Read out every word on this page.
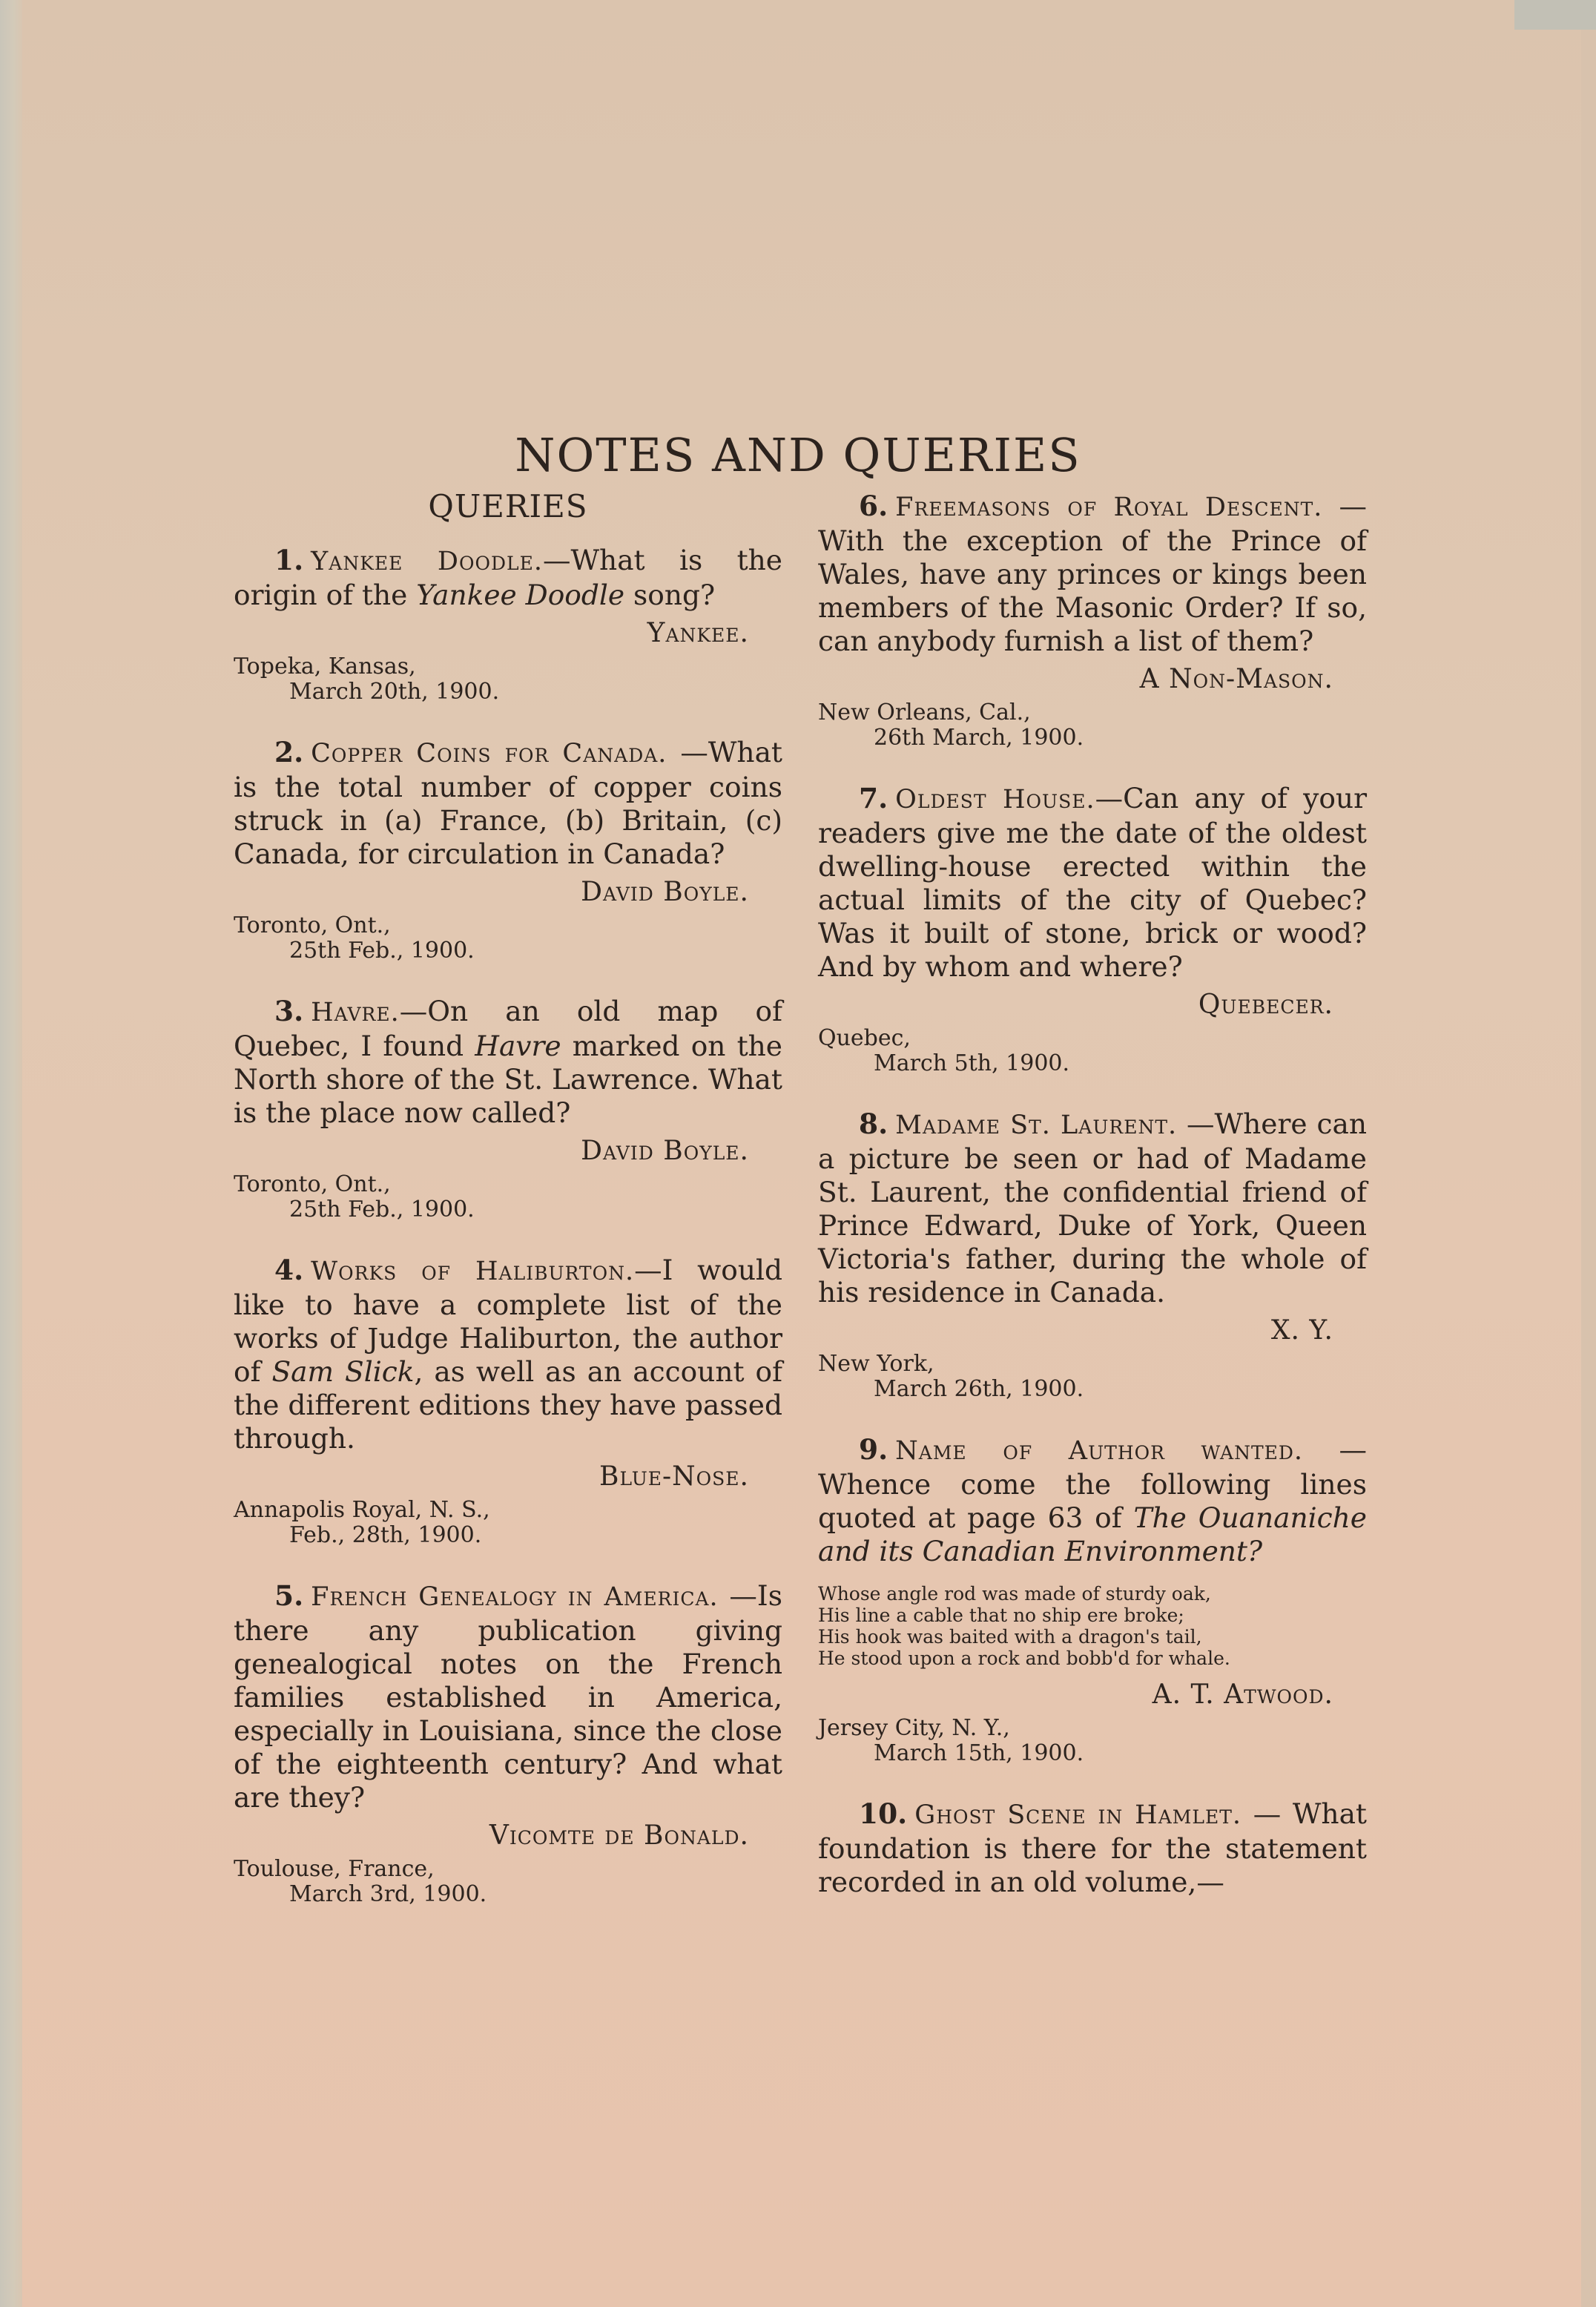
NOTES AND QUERIES
QUERIES
1. Yankee Doodle.—What is the origin of the Yankee Doodle song?
Yankee.
Topeka, Kansas,
March 20th, 1900.
2. Copper Coins for Canada. —What is the total number of copper coins struck in (a) France, (b) Britain, (c) Canada, for circulation in Canada?
David Boyle.
Toronto, Ont.,
25th Feb., 1900.
3. Havre.—On an old map of Quebec, I found Havre marked on the North shore of the St. Lawrence. What is the place now called?
David Boyle.
Toronto, Ont.,
25th Feb., 1900.
4. Works of Haliburton.—I would like to have a complete list of the works of Judge Haliburton, the author of Sam Slick, as well as an account of the different editions they have passed through.
Blue-Nose.
Annapolis Royal, N. S.,
Feb., 28th, 1900.
5. French Genealogy in America. —Is there any publication giving genealogical notes on the French families established in America, especially in Louisiana, since the close of the eighteenth century? And what are they?
Vicomte de Bonald.
Toulouse, France,
March 3rd, 1900.
6. Freemasons of Royal Descent. —With the exception of the Prince of Wales, have any princes or kings been members of the Masonic Order? If so, can anybody furnish a list of them?
A Non-Mason.
New Orleans, Cal.,
26th March, 1900.
7. Oldest House.—Can any of your readers give me the date of the oldest dwelling-house erected within the actual limits of the city of Quebec? Was it built of stone, brick or wood? And by whom and where?
Quebecer.
Quebec,
March 5th, 1900.
8. Madame St. Laurent. —Where can a picture be seen or had of Madame St. Laurent, the confidential friend of Prince Edward, Duke of York, Queen Victoria's father, during the whole of his residence in Canada.
X. Y.
New York,
March 26th, 1900.
9. Name of Author wanted. — Whence come the following lines quoted at page 63 of The Ouananiche and its Canadian Environment?
Whose angle rod was made of sturdy oak,
His line a cable that no ship ere broke;
His hook was baited with a dragon's tail,
He stood upon a rock and bobb'd for whale.
A. T. Atwood.
Jersey City, N. Y.,
March 15th, 1900.
10. Ghost Scene in Hamlet. — What foundation is there for the statement recorded in an old volume,—
